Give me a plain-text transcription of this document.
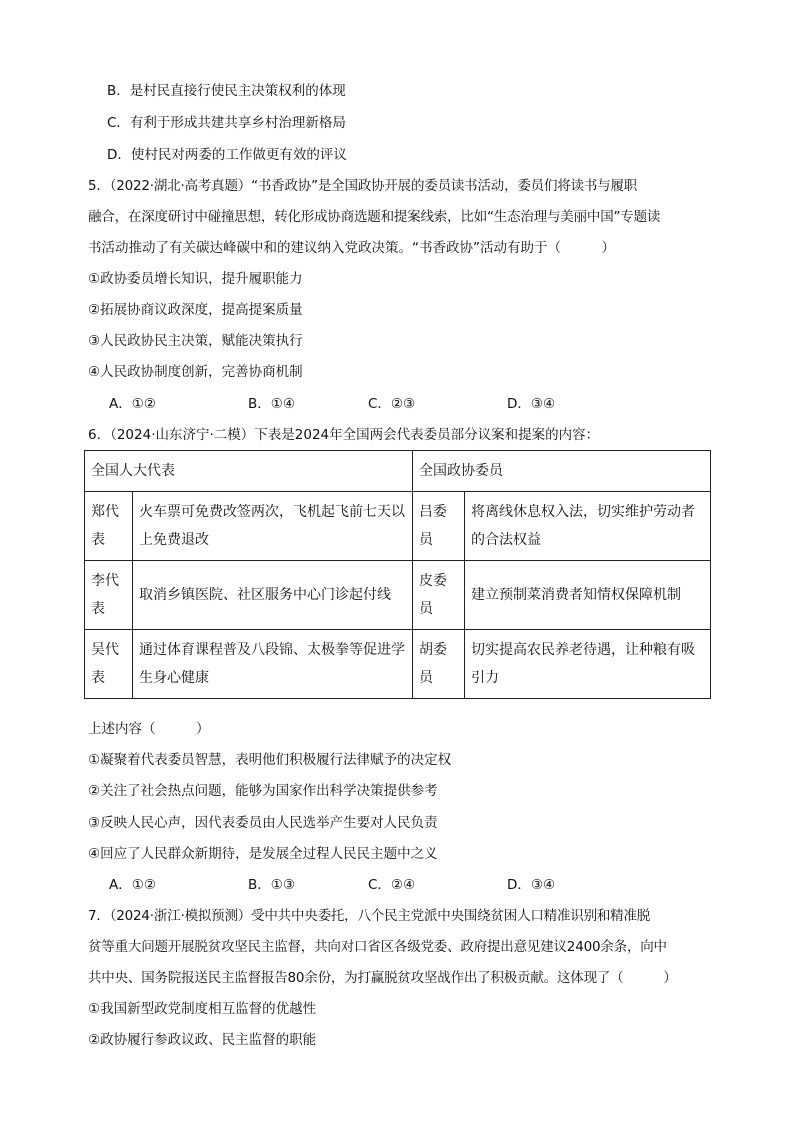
B．是村民直接行使民主决策权利的体现
C．有利于形成共建共享乡村治理新格局
D．使村民对两委的工作做更有效的评议
5．（2022·湖北·高考真题）“书香政协”是全国政协开展的委员读书活动，委员们将读书与履职
融合，在深度研讨中碰撞思想，转化形成协商选题和提案线索，比如“生态治理与美丽中国”专题读
书活动推动了有关碳达峰碳中和的建议纳入党政决策。“书香政协”活动有助于（　　　）
①政协委员增长知识，提升履职能力
②拓展协商议政深度，提高提案质量
③人民政协民主决策，赋能决策执行
④人民政协制度创新，完善协商机制
A．①②	B．①④	C．②③	D．③④
6．（2024·山东济宁·二模）下表是2024年全国两会代表委员部分议案和提案的内容：
全国人大代表		全国政协委员	
郑代表	火车票可免费改签两次，飞机起飞前七天以上免费退改	吕委员	将离线休息权入法，切实维护劳动者的合法权益
李代表	取消乡镇医院、社区服务中心门诊起付线	皮委员	建立预制菜消费者知情权保障机制
吴代表	通过体育课程普及八段锦、太极拳等促进学生身心健康	胡委员	切实提高农民养老待遇，让种粮有吸引力
上述内容（　　　）
①凝聚着代表委员智慧，表明他们积极履行法律赋予的决定权
②关注了社会热点问题，能够为国家作出科学决策提供参考
③反映人民心声，因代表委员由人民选举产生要对人民负责
④回应了人民群众新期待，是发展全过程人民民主题中之义
A．①②	B．①③	C．②④	D．③④
7．（2024·浙江·模拟预测）受中共中央委托，八个民主党派中央围绕贫困人口精准识别和精准脱
贫等重大问题开展脱贫攻坚民主监督，共向对口省区各级党委、政府提出意见建议2400余条，向中
共中央、国务院报送民主监督报告80余份，为打赢脱贫攻坚战作出了积极贡献。这体现了（　　　）
①我国新型政党制度相互监督的优越性
②政协履行参政议政、民主监督的职能
